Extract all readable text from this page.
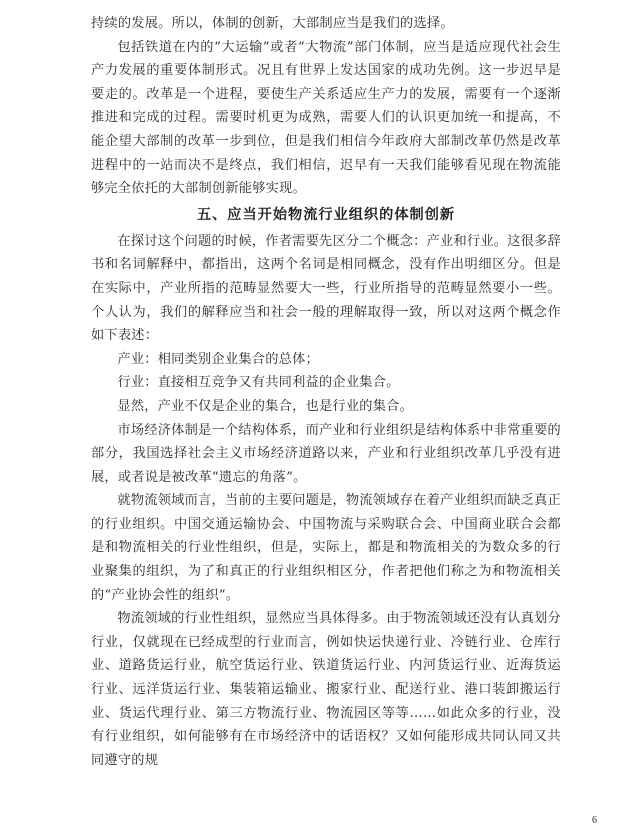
持续的发展。所以，体制的创新，大部制应当是我们的选择。

包括铁道在内的“大运输”或者“大物流”部门体制，应当是适应现代社会生产力发展的重要体制形式。况且有世界上发达国家的成功先例。这一步迟早是要走的。改革是一个进程，要使生产关系适应生产力的发展，需要有一个逐渐推进和完成的过程。需要时机更为成熟，需要人们的认识更加统一和提高，不能企望大部制的改革一步到位，但是我们相信今年政府大部制改革仍然是改革进程中的一站而决不是终点，我们相信，迟早有一天我们能够看见现在物流能够完全依托的大部制创新能够实现。

五、应当开始物流行业组织的体制创新

在探讨这个问题的时候，作者需要先区分二个概念：产业和行业。这很多辞书和名词解释中，都指出，这两个名词是相同概念，没有作出明细区分。但是在实际中，产业所指的范畴显然要大一些，行业所指导的范畴显然要小一些。个人认为，我们的解释应当和社会一般的理解取得一致，所以对这两个概念作如下表述：

产业：相同类别企业集合的总体；

行业：直接相互竞争又有共同利益的企业集合。

显然，产业不仅是企业的集合，也是行业的集合。

市场经济体制是一个结构体系，而产业和行业组织是结构体系中非常重要的部分，我国选择社会主义市场经济道路以来，产业和行业组织改革几乎没有进展，或者说是被改革“遗忘的角落”。

就物流领域而言，当前的主要问题是，物流领域存在着产业组织而缺乏真正的行业组织。中国交通运输协会、中国物流与采购联合会、中国商业联合会都是和物流相关的行业性组织，但是，实际上，都是和物流相关的为数众多的行业聚集的组织，为了和真正的行业组织相区分，作者把他们称之为和物流相关的“产业协会性的组织”。

物流领域的行业性组织，显然应当具体得多。由于物流领域还没有认真划分行业，仅就现在已经成型的行业而言，例如快运快递行业、冷链行业、仓库行业、道路货运行业，航空货运行业、铁道货运行业、内河货运行业、近海货运行业、远洋货运行业、集装箱运输业、搬家行业、配送行业、港口装卸搬运行业、货运代理行业、第三方物流行业、物流园区等等……如此众多的行业，没有行业组织，如何能够有在市场经济中的话语权？又如何能形成共同认同又共同遵守的规

6
